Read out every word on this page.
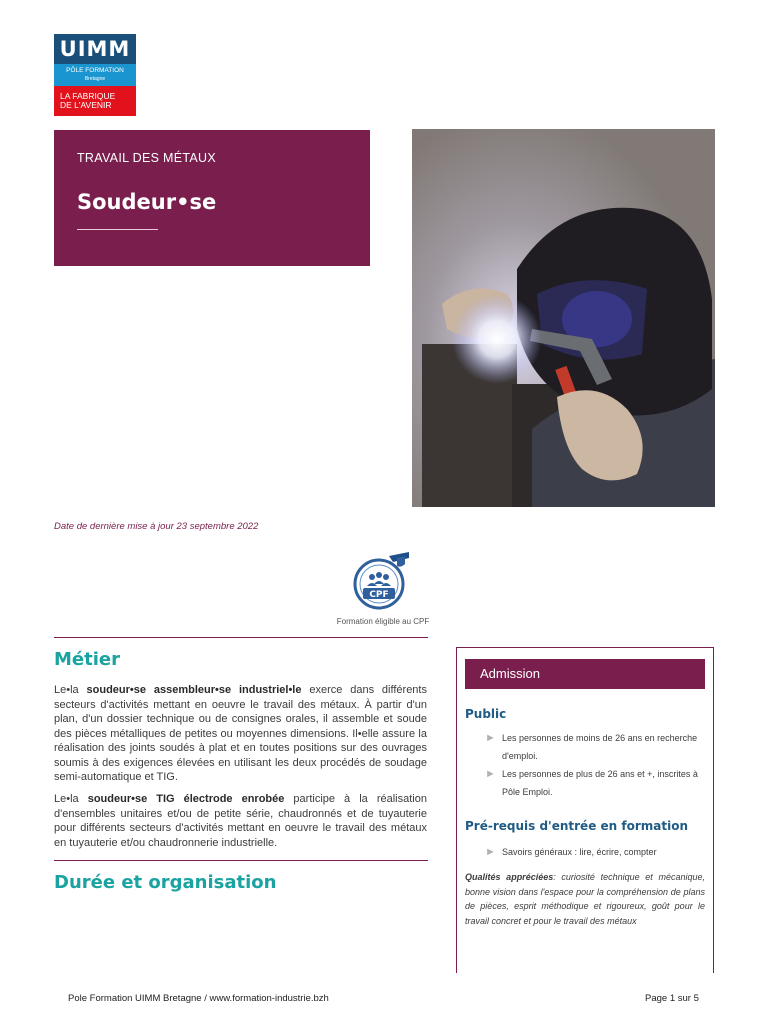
UIMM
PÔLE FORMATION
Bretagne
LA FABRIQUE
DE L'AVENIR
TRAVAIL DES MÉTAUX
Soudeur•se
Date de dernière mise à jour 23 septembre 2022
CPF
Formation éligible au CPF
Métier
Le•la soudeur•se assembleur•se industriel•le exerce dans différents secteurs d'activités mettant en oeuvre le travail des métaux. À partir d'un plan, d'un dossier technique ou de consignes orales, il assemble et soude des pièces métalliques de petites ou moyennes dimensions. Il•elle assure la réalisation des joints soudés à plat et en toutes positions sur des ouvrages soumis à des exigences élevées en utilisant les deux procédés de soudage semi-automatique et TIG.
Le•la soudeur•se TIG électrode enrobée participe à la réalisation d'ensembles unitaires et/ou de petite série, chaudronnés et de tuyauterie pour différents secteurs d'activités mettant en oeuvre le travail des métaux en tuyauterie et/ou chaudronnerie industrielle.
Durée et organisation
Admission
Public
► Les personnes de moins de 26 ans en recherche d'emploi.
► Les personnes de plus de 26 ans et +, inscrites à Pôle Emploi.
Pré-requis d'entrée en formation
► Savoirs généraux : lire, écrire, compter
Qualités appréciées: curiosité technique et mécanique, bonne vision dans l'espace pour la compréhension de plans de pièces, esprit méthodique et rigoureux, goût pour le travail concret et pour le travail des métaux
Pole Formation UIMM Bretagne / www.formation-industrie.bzh	Page 1 sur 5
